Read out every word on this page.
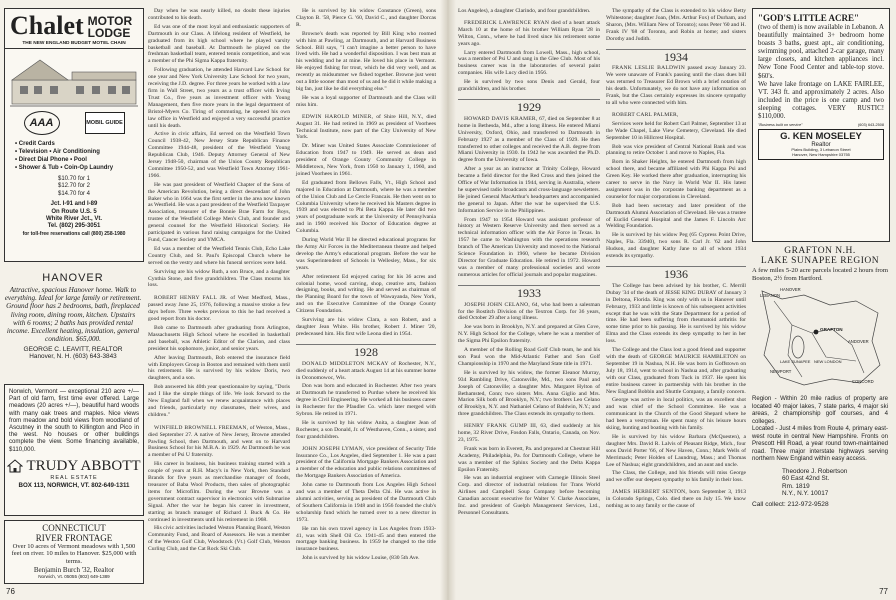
Chalet MOTOR LODGE
THE NEW ENGLAND BUDGET MOTEL CHAIN
AAA	MOBIL GUIDE
• Credit Cards
• Television • Air Conditioning
• Direct Dial Phone • Pool
• Shower & Tub • Coin-Op Laundry
$10.70 for 1
$12.70 for 2
$14.70 for 4
Jct. I-91 and I-89
On Route U.S. 5
White River Jct., Vt.
Tel. (802) 295-3051
for toll-free reservations call (800) 258-1980
HANOVER
Attractive, spacious Hanover home. Walk to everything. Ideal for large family or retirement. Ground floor has 2 bedrooms, bath, fireplaced living room, dining room, kitchen. Upstairs with 6 rooms; 2 baths has provided rental income. Excellent heating, insulation, general condition. $65,000.
GEORGE C. LEAVITT, REALTOR
Hanover, N. H. (603) 643-3843
Norwich, Vermont — exceptional 210 acre +/— Part of old farm, first time ever offered. Large meadows (20 acres +/—), beautiful hard woods with many oak trees and maples. Nice views from meadow and bold views from woodland of Ascutney in the south to Killington and Pico in the west. No houses or other buildings complete the view. Some financing available, $110,000.
TRUDY ABBOTT
REAL ESTATE
BOX 113, NORWICH, VT. 802-649-1311
CONNECTICUT
RIVER FRONTAGE
Over 10 acres of Vermont meadows with 1,500 feet on river. 10 miles to Hanover. $25,000 with terms.
Benjamin Burch '32, Realtor
Norwich, Vt. 05055 (802) 649-1389

Day when he was nearly killed, no doubt these injuries contributed to his death.

Ed was one of the most loyal and enthusiastic supporters of Dartmouth in our Class. A lifelong resident of Westfield, he graduated from its high school where he played varsity basketball and baseball. At Dartmouth he played on the freshman basketball team, entered tennis competition, and was a member of the Phi Sigma Kappa fraternity.

Following graduation, he attended Harvard Law School for one year and New York University Law School for two years, receiving the J.D. degree. For three years he worked with a law firm in Wall Street, two years as a trust officer with Irving Trust Co., five years as investment officer with Young Management, then five more years in the legal department of Bristol-Myers Co. Tiring of commuting, he opened his own law office in Westfield and enjoyed a very successful practice until his death.

Active in civic affairs, Ed served on the Westfield Town Council 1938-42, New Jersey State Republican Finance Committee 1944-48, president of the Westfield Young Republican Club, 1946. Deputy Attorney General of New Jersey 1948-50, chairman of the Union County Republican Committee 1950-52, and was Westfield Town Attorney 1961-1966.

He was past president of Westfield Chapter of the Sons of the American Revolution, being a direct descendant of John Baker who in 1664 was the first settler in the area now known as Westfield. He was a past president of the Westfield Taxpayer Association, treasurer of the Bonnie Brae Farm for Boys, trustee of the Westfield College Men's Club, and founder and general counsel for the Westfield Historical Society. He participated in various fund raising campaigns for the United Fund, Cancer Society and YMCA.

Ed was a member of the Westfield Tennis Club, Echo Lake Country Club, and St. Paul's Episcopal Church where he served on the vestry and where his funeral services were held.

Surviving are his widow Ruth, a son Bruce, and a daughter Cynthia Stone, and five grandchildren. The Class mourns his loss.

ROBERT HENRY FALL JR. of West Medford, Mass., passed away June 25, 1976, following a massive stroke a few days before. Three weeks previous to this he had received a good report from his doctor.

Bob came to Dartmouth after graduating from Arlington, Massachusetts High School where he excelled in basketball and baseball, was Athletic Editor of the Clarion, and class president his sophomore, junior, and senior years.

After leaving Dartmouth, Bob entered the insurance field with Employers Group in Boston and remained with them until his retirement. He is survived by his widow Doris, two daughters, and a son.

Bob answered his 40th year questionnaire by saying, "Doris and I like the simple things of life. We look forward to the New England fall when we renew acquaintance with places and friends, particularly my classmates, their wives, and children."

WINFIELD BROWNELL FREEMAN, of Weston, Mass., died September 27. A native of New Jersey, Browne attended Pawling School, then Dartmouth, and went on to Harvard Business School for his M.B.A. in 1929. At Dartmouth he was a member of Psi U fraternity.

His career in business, his business training started with a couple of years at R.H. Macy's in New York, then Standard Brands for five years as merchandise manager of foods, treasurer of Baba Wool Products, then sales of photographic items for Microfilm. During the war Browne was a government contract supervisor in electronics with Submarine Signal. After the war he began his career in investment, starting as branch manager of Richard J. Buck & Co. He continued in investments until his retirement in 1968.

His civic activities included Weston Planning Board, Weston Community Fund, and Board of Assessors. He was a member of the Weston Golf Club, Woodstock (Vt.) Golf Club, Weston Curling Club, and the Cat Rock Ski Club.

He is survived by his widow Constance (Green), sons Clayton B. '58, Pierce G. '60, David C., and daughter Dorcas R.

Browne's death was reported by Bill King who roomed with him at Pawling, at Dartmouth, and at Harvard Business School. Bill says, "I can't imagine a better person to have lived with. He had a wonderful disposition. I was best man at his wedding and he at mine. He loved his place in Vermont. He enjoyed fishing for trout, which he did very well, and as recently as midsummer we fished together. Browne just went out a little sooner than most of us and he did it while making a big fan, just like he did everything else."

He was a loyal supporter of Dartmouth and the Class will miss him.

EDWIN HAROLD MINER, of Shire Hill, N.Y., died August 31. He had retired in 1969 as president of Voorhees Technical Institute, now part of the City University of New York.

Dr. Miner was United States Associate Commissioner of Education from 1947 to 1949. He served as dean and president of Orange County Community College in Middletown, New York, from 1950 to January 1, 1960, and joined Voorhees in 1961.

Ed graduated from Bellows Falls, Vt., High School and majored in Education at Dartmouth, where he was a member of the Union Club and Le Cercle Francais. He then went on to Columbia University where he received his Masters degree in 1939 and was elected to Phi Beta Kappa. He later did two years of postgraduate work at the University of Pennsylvania and in 1960 received his Doctor of Education degree at Columbia.

During World War II he directed educational programs for the Army Air Forces in the Mediterranean theatre and helped develop the Army's educational program. Before the war he was Superintendent of Schools in Wellesley, Mass., for six years.

After retirement Ed enjoyed caring for his 36 acres and colonial home, wood carving, shop, creative arts, fashion designing, books, and writing. He and served as chairman of the Planning Board for the town of Wawayanda, New York, and on the Executive Committee of the Orange County Citizens Foundation.

Surviving are his widow Clara, a son Robert, and a daughter Jean White. His brother, Robert J. Miner '20, predeceased him. His first wife Leona died in 1954.

1928

DONALD MIDDLETON MCKAY of Rochester, N.Y., died suddenly of a heart attack August 14 at his summer home in Oconomowoc, Wis.

Don was born and educated in Rochester. After two years at Dartmouth he transferred to Purdue where he received his degree in Civil Engineering. He worked all his business career in Rochester for the Pfaudler Co. which later merged with Sybron. He retired in 1971.

He is survived by his widow Anita, a daughter Jean of Rochester, a son Donald, Jr. of Westhaven, Conn., a sister, and four grandchildren.

JOHN JOSEPH LYMAN, vice president of Security Title Insurance Co., Los Angeles, died September 1. He was a past president of the California Mortgage Bankers Association and a member of the education and public relations committees of the Mortgage Bankers Association of America.

John came to Dartmouth from Los Angeles High School and was a member of Theta Delta Chi. He was active in alumni activities, serving as president of the Dartmouth Club of Southern California in 1948 and in 1956 founded the club's scholarship fund which he turned over to a new director in 1973.

He ran his own travel agency in Los Angeles from 1933-41, was with Shell Oil Co. 1941-45 and then entered the mortgage banking business. In 1959 he changed to the title insurance business.

John is survived by his widow Louise, (830 5th Ave.

76

Los Angeles), a daughter Clarindo, and four grandchildren.

FREDERICK LAWRENCE RYAN died of a heart attack March 10 at the home of his brother William Ryan '28 in Wilton, Conn., where he had lived since his retirement some years ago.

Larry entered Dartmouth from Lowell, Mass., high school, was a member of Psi U and sang in the Glee Club. Most of his business career was in the laboratories of several paint companies. His wife Lucy died in 1956.

He is survived by two sons Denis and Gerald, four grandchildren, and his brother.

1929

HOWARD DAVIS KRAMER, 67, died on September 8 at home in Bethesda, Md., after a long illness. He entered Miami University, Oxford, Ohio, and transferred to Dartmouth in February 1927 as a member of the Class of 1929. He then transferred to other colleges and received the A.B. degree from Miami University in 1930. In 1942 he was awarded the Ph.D. degree from the University of Iowa.

After a year as an instructor at Trinity College, Howard became a field director for the Red Cross and then joined the Office of War Information in 1944, serving in Australia, where he supervised radio broadcasts and cross-language newsletters. He joined General MacArthur's headquarters and accompanied the general to Japan. After the war he supervised the U.S. Information Service in the Philippines.

From 1947 to 1954 Howard was assistant professor of history at Western Reserve University and then served as a technical information officer with the Air Force in Texas. In 1957 he came to Washington with the operations research branch of The American University and moved to the National Science Foundation in 1960, where he became Division Director for Graduate Education. He retired in 1972. Howard was a member of many professional societies and wrote numerous articles for official journals and popular magazines.

1933

JOSEPH JOHN CELANO, 64, who had been a salesman for the Bostitch Division of the Textron Corp. for 36 years, died October 29 after a long illness.

Joe was born in Brooklyn, N.Y. and prepared at Glen Cove, N.Y. High School for the College, where he was a member of the Sigma Phi Epsilon fraternity.

A member of the Rolling Road Golf Club team, he and his son Paul won the Mid-Atlantic Father and Son Golf Championship in 1970 and the Maryland State title in 1971.

He is survived by his widow, the former Eleanor Murray, 934 Rambling Drive, Catonsville, Md., two sons Paul and Joseph of Catonsville; a daughter Mrs. Margaret Hylton of Bethamsted, Conn; two sisters Mrs. Anna Giglio and Mrs. Marion Silk both of Brooklyn, N.Y.; two brothers Leo Celano of Brooklyn, N.Y. and Nathaniel Celano of Baldwin, N.Y.; and three grandchildren. The Class extends its sympathy to them.

HENRY FRANK GUMP III, 63, died suddenly at his home, 32 River Drive, Fosdon Falls, Ontario, Canada, on Nov. 23, 1975.

Frank was born in Everett, Pa. and prepared at Chestnut Hill Academy, Philadelphia, Pa. for Dartmouth College, where he was a member of the Sphinx Society and the Delta Kappa Epsilon Fraternity.

He was an industrial engineer with Carnegie Illinois Steel Corp. and director of industrial relations for Trans World Airlines and Campbell Soup Company before becoming Canadian account executive for Walter V. Clarke Associates, Inc. and president of Guelph Management Services, Ltd., Personnel Consultants.

The sympathy of the Class is extended to his widow Betty Whitestone; daughter Joan, (Mrs. Arthur Fox) of Durham, and Sharon, (Mrs. William New of Toronto); sons Peter '60 and H. Frank IV '68 of Toronto, and Robin at home; and sisters Dorothy and Judith.

1934

FRANK LESLIE BALDWIN passed away January 23. We were unaware of Frank's passing until the class dues bill was returned to Treasurer Ed Brown with a brief notation of his death. Unfortunately, we do not have any information on Frank, but the Class certainly expresses its sincere sympathy to all who were connected with him.

ROBERT CARL PALMER,

Services were held for Robert Carl Palmer, September 13 at the Wade Chapel, Lake View Cemetery, Cleveland. He died September 10 in Hillcrest Hospital.

Bob was vice president of Central National Bank and was planning to retire October 1 and move to Naples, Fla.

Born in Shaker Heights, he entered Dartmouth from high school there, and became affiliated with Phi Kappa Psi and Green Key. He worked there after graduation, interrupting his career to serve in the Navy in World War II. His latest assignment was in the corporate banking department as a counselor for major corporations in Cleveland.

Bob had been secretary and later president of the Dartmouth Alumni Association of Cleveland. He was a trustee of Euclid General Hospital and the James F. Lincoln Arc Welding Foundation.

He is survived by his widow Peg (65 Cypress Point Drive, Naples, Fla. 33940), two sons R. Carl Jr. '62 and John Hudson, and daughter Kathy Jane to all of whom 1934 extends its sympathy.

1936

The College has been advised by his brother, C. Merrill Dubay '34 of the death of JESSE KING DUBAY of January 3 in Deltona, Florida. King was only with us in Hanover until February, 1933 and little is known of his subsequent activities except that he was with the State Department for a period of time. He had been suffering from rheumatoid arthritis for some time prior to his passing. He is survived by his widow Elma and the Class extends its deep sympathy to her in her loss.

The College and the Class lost a good friend and supporter with the death of GEORGE MAURICE HAMBLETON on September 19 in Nashua, N.H. He was born in Goffstown on July 18, 1914, went to school in Nashua and, after graduating with our Class, graduated from Tuck in 1937. He spent his entire business career in partnership with his brother in the New England Bobbin and Shuttle Company, a family concern.

George was active in local politics, was an excellent shot and was chief of the School Committee. He was a communicant in the Church of the Good Shepard where he had been a vestryman. He spent many of his leisure hours skiing, hunting and boating with his family.

He is survived by his widow Barbara (McQuesten), a daughter Mrs. David R. Lalvis of Pleasant Ridge, Mich., four sons David Porter '66, of New Haven, Conn.; Mark Wells of Merrimack; Peter Holden of Laundrug, Mass.; and Thomas Lee of Nashua; eight grandchildren, and an aunt and uncle.

The Class, the College, and his friends will miss George and we offer our deepest sympathy to his family in their loss.

JAMES HERBERT SENTON, born September 3, 1913 in Colorado Springs, Colo. died there on July 15. We know nothing as to any family or the cause of

"GOD'S LITTLE ACRE"
(two of them) is now available in Lebanon. A beautifully maintained 3+ bedroom home boasts 3 baths, guest apt., air conditioning, swimming pool, attached 2-car garage, many large closets, and kitchen appliances incl. New Tone Food Center and table-top stove. $60's.
We have lake frontage on LAKE FAIRLEE, VT. 343 ft. and approximately 2 acres. Also included in the price is one camp and two sleeping cottages. VERY RUSTIC! $110,000.
"Business built on service"	(603) 643-2508
G. KEN MOSELEY
Realtor
Plains Building, 3 Lebanon Street
Hanover, New Hampshire 03755
GRAFTON N.H.
LAKE SUNAPEE REGION
A few miles 5-20 acre parcels located 2 hours from Boston, 2½ from Hartford.
LEBANON
HANOVER
GRAFTON
NEWPORT
ANDOVER
CONCORD
LAKE SUNAPEE NEW LONDON
Region - Within 20 mile radius of property are located 40 major lakes, 7 state parks, 4 major ski areas, 2 championship golf courses, and 4 colleges.
Located - Just 4 miles from Route 4, primary east-west route in central New Hampshire. Fronts on Prescott Hill Road, a year round town-maintained road. Three major interstate highways serving northern New England within easy access.
Theodore J. Robertson
60 East 42nd St.
Rm. 1819
N.Y., N.Y. 10017
Call collect: 212-972-9528
77
